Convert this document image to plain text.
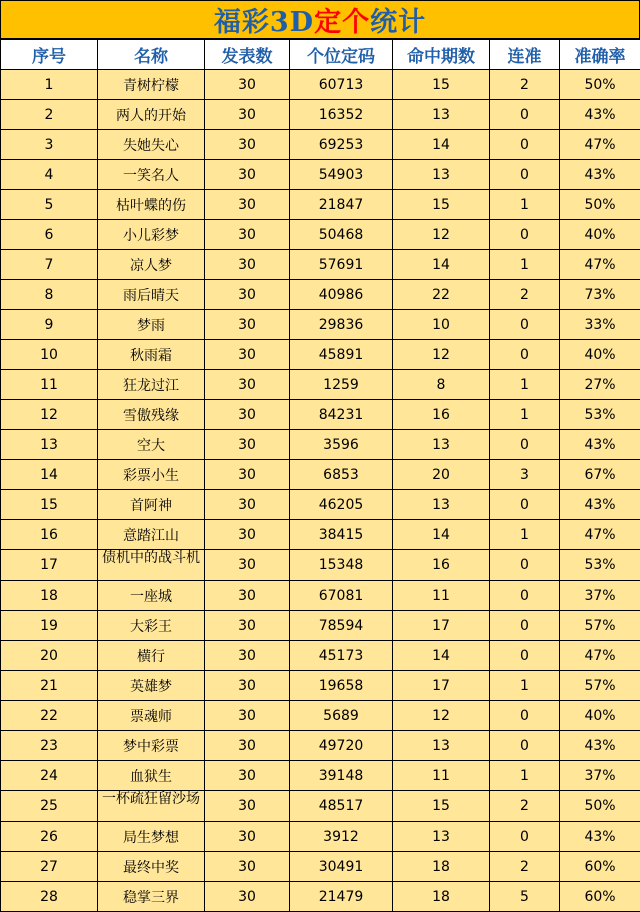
福彩3D 定个 统计
序号	名称	发表数	个位定码	命中期数	连准	准确率
1	青树柠檬	30	60713	15	2	50%
2	两人的开始	30	16352	13	0	43%
3	失她失心	30	69253	14	0	47%
4	一笑名人	30	54903	13	0	43%
5	枯叶蝶的伤	30	21847	15	1	50%
6	小儿彩梦	30	50468	12	0	40%
7	凉人梦	30	57691	14	1	47%
8	雨后晴天	30	40986	22	2	73%
9	梦雨	30	29836	10	0	33%
10	秋雨霜	30	45891	12	0	40%
11	狂龙过江	30	1259	8	1	27%
12	雪傲残缘	30	84231	16	1	53%
13	空大	30	3596	13	0	43%
14	彩票小生	30	6853	20	3	67%
15	首阿神	30	46205	13	0	43%
16	意踏江山	30	38415	14	1	47%
17	债机中的战斗机	30	15348	16	0	53%
18	一座城	30	67081	11	0	37%
19	大彩王	30	78594	17	0	57%
20	横行	30	45173	14	0	47%
21	英雄梦	30	19658	17	1	57%
22	票魂师	30	5689	12	0	40%
23	梦中彩票	30	49720	13	0	43%
24	血狱生	30	39148	11	1	37%
25	一杯疏狂留沙场	30	48517	15	2	50%
26	局生梦想	30	3912	13	0	43%
27	最终中奖	30	30491	18	2	60%
28	稳掌三界	30	21479	18	5	60%
